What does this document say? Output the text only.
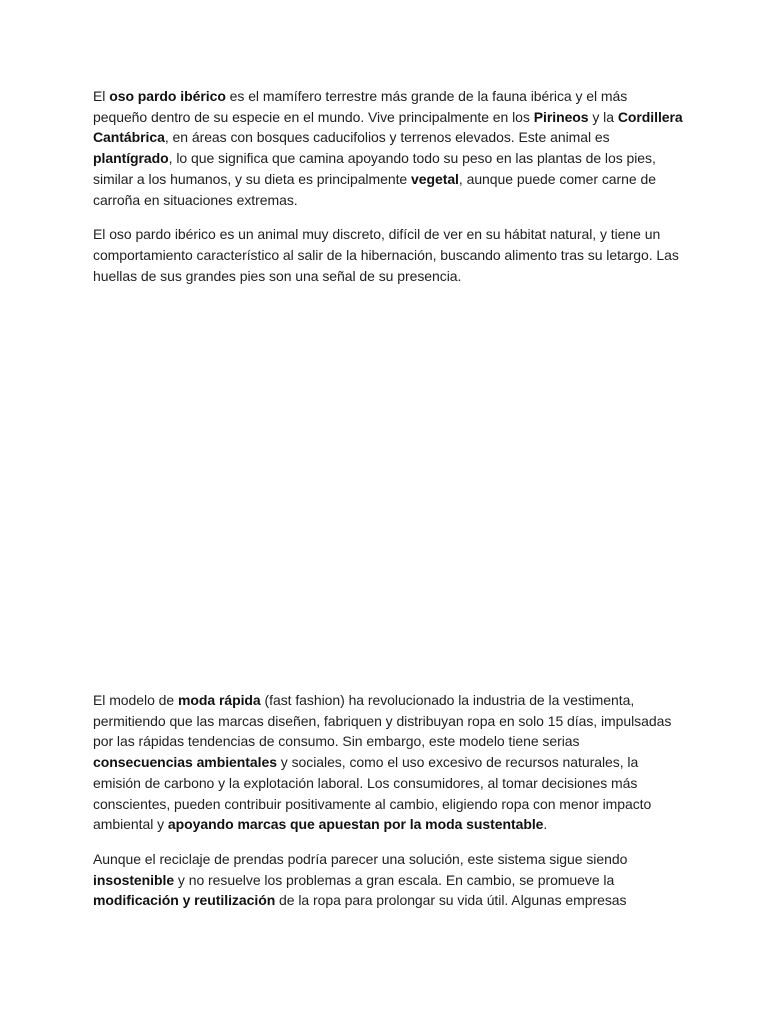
El oso pardo ibérico es el mamífero terrestre más grande de la fauna ibérica y el más pequeño dentro de su especie en el mundo. Vive principalmente en los Pirineos y la Cordillera Cantábrica, en áreas con bosques caducifolios y terrenos elevados. Este animal es plantígrado, lo que significa que camina apoyando todo su peso en las plantas de los pies, similar a los humanos, y su dieta es principalmente vegetal, aunque puede comer carne de carroña en situaciones extremas.

El oso pardo ibérico es un animal muy discreto, difícil de ver en su hábitat natural, y tiene un comportamiento característico al salir de la hibernación, buscando alimento tras su letargo. Las huellas de sus grandes pies son una señal de su presencia.

El modelo de moda rápida (fast fashion) ha revolucionado la industria de la vestimenta, permitiendo que las marcas diseñen, fabriquen y distribuyan ropa en solo 15 días, impulsadas por las rápidas tendencias de consumo. Sin embargo, este modelo tiene serias consecuencias ambientales y sociales, como el uso excesivo de recursos naturales, la emisión de carbono y la explotación laboral. Los consumidores, al tomar decisiones más conscientes, pueden contribuir positivamente al cambio, eligiendo ropa con menor impacto ambiental y apoyando marcas que apuestan por la moda sustentable.

Aunque el reciclaje de prendas podría parecer una solución, este sistema sigue siendo insostenible y no resuelve los problemas a gran escala. En cambio, se promueve la modificación y reutilización de la ropa para prolongar su vida útil. Algunas empresas
